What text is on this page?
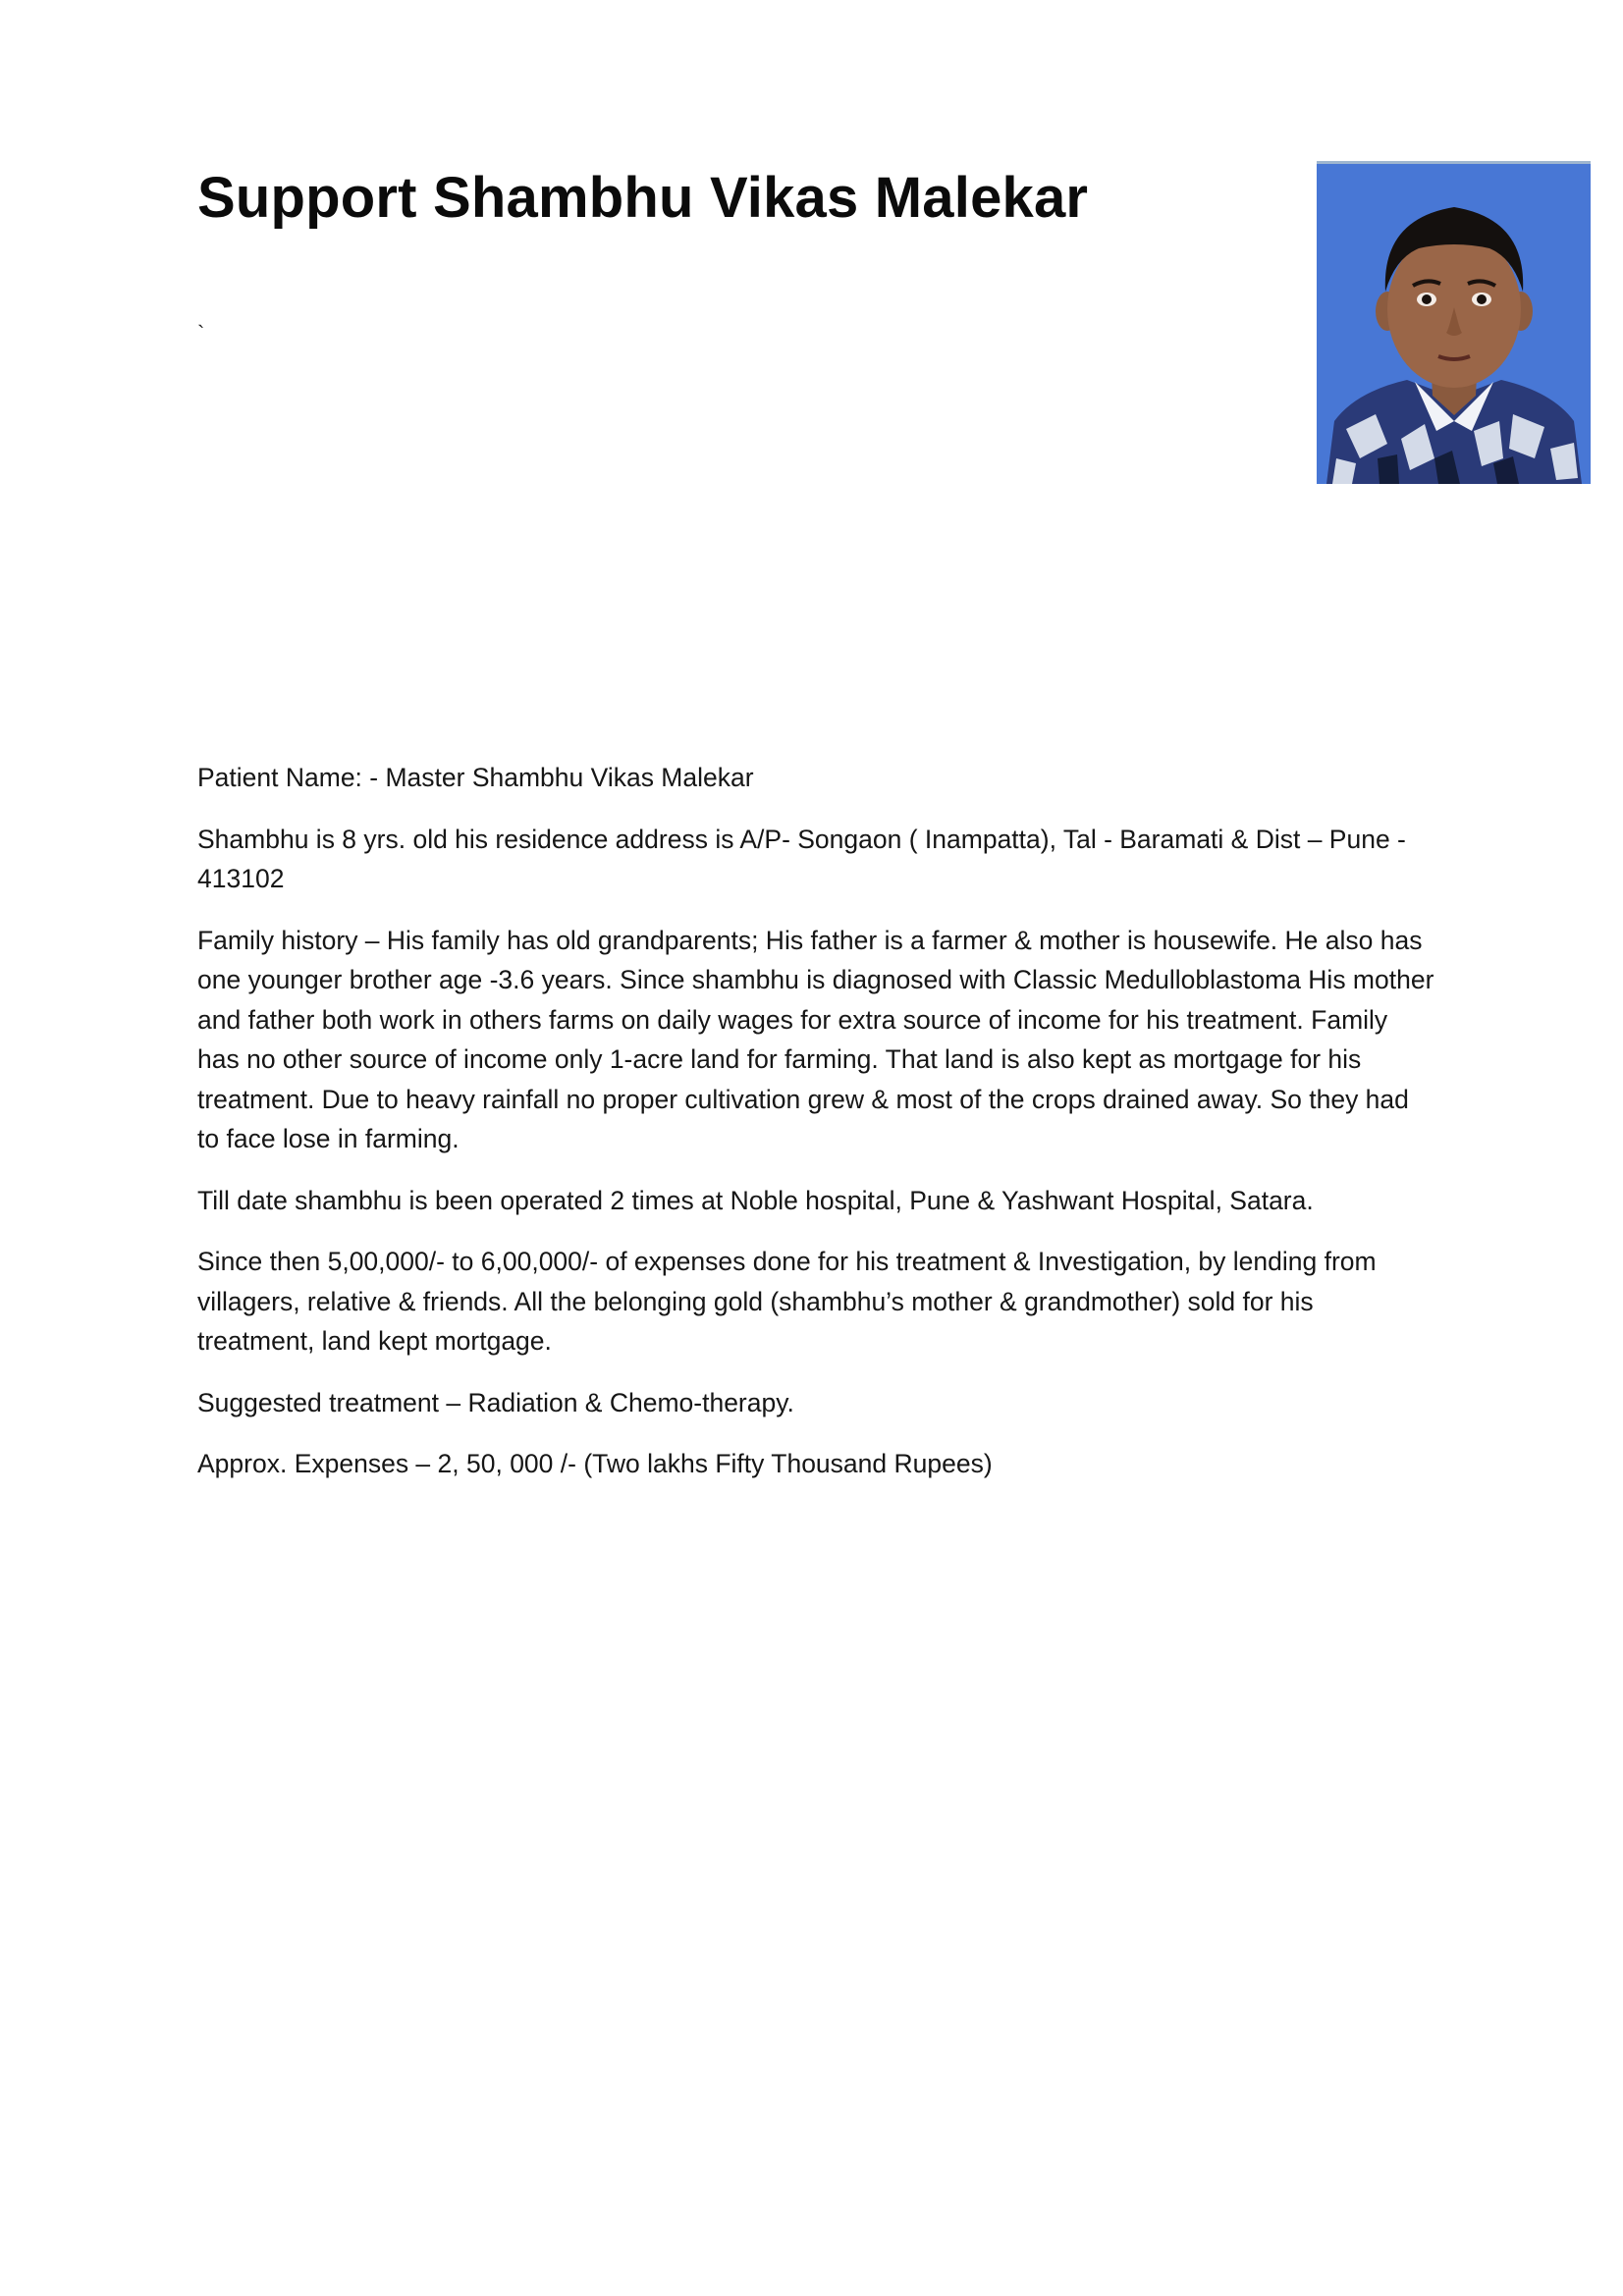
Support Shambhu Vikas Malekar
`

Patient Name: - Master Shambhu Vikas Malekar

Shambhu is 8 yrs. old his residence address is A/P- Songaon ( Inampatta), Tal - Baramati & Dist – Pune - 413102

Family history – His family has old grandparents; His father is a farmer & mother is housewife. He also has one younger brother age -3.6 years. Since shambhu is diagnosed with Classic Medulloblastoma His mother and father both work in others farms on daily wages for extra source of income for his treatment. Family has no other source of income only 1-acre land for farming. That land is also kept as mortgage for his treatment. Due to heavy rainfall no proper cultivation grew & most of the crops drained away. So they had to face lose in farming.

Till date shambhu is been operated 2 times at Noble hospital, Pune & Yashwant Hospital, Satara.

Since then 5,00,000/- to 6,00,000/- of expenses done for his treatment & Investigation, by lending from villagers, relative & friends. All the belonging gold (shambhu’s mother & grandmother) sold for his treatment, land kept mortgage.

Suggested treatment – Radiation & Chemo-therapy.

Approx. Expenses – 2, 50, 000 /- (Two lakhs Fifty Thousand Rupees)
